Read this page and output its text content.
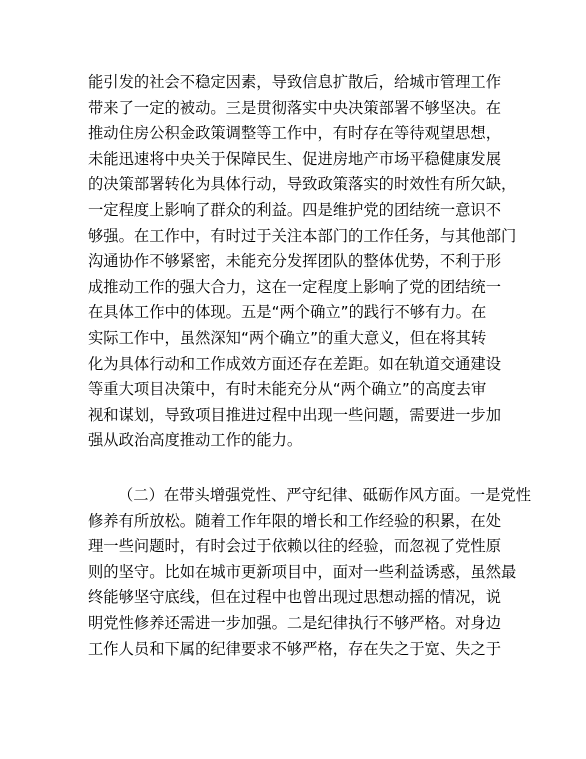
能引发的社会不稳定因素，导致信息扩散后，给城市管理工作
带来了一定的被动。三是贯彻落实中央决策部署不够坚决。在
推动住房公积金政策调整等工作中，有时存在等待观望思想，
未能迅速将中央关于保障民生、促进房地产市场平稳健康发展
的决策部署转化为具体行动，导致政策落实的时效性有所欠缺，
一定程度上影响了群众的利益。四是维护党的团结统一意识不
够强。在工作中，有时过于关注本部门的工作任务，与其他部门
沟通协作不够紧密，未能充分发挥团队的整体优势，不利于形
成推动工作的强大合力，这在一定程度上影响了党的团结统一
在具体工作中的体现。五是“两个确立”的践行不够有力。在
实际工作中，虽然深知“两个确立”的重大意义，但在将其转
化为具体行动和工作成效方面还存在差距。如在轨道交通建设
等重大项目决策中，有时未能充分从“两个确立”的高度去审
视和谋划，导致项目推进过程中出现一些问题，需要进一步加
强从政治高度推动工作的能力。
（二）在带头增强党性、严守纪律、砥砺作风方面。一是党性
修养有所放松。随着工作年限的增长和工作经验的积累，在处
理一些问题时，有时会过于依赖以往的经验，而忽视了党性原
则的坚守。比如在城市更新项目中，面对一些利益诱惑，虽然最
终能够坚守底线，但在过程中也曾出现过思想动摇的情况，说
明党性修养还需进一步加强。二是纪律执行不够严格。对身边
工作人员和下属的纪律要求不够严格，存在失之于宽、失之于
